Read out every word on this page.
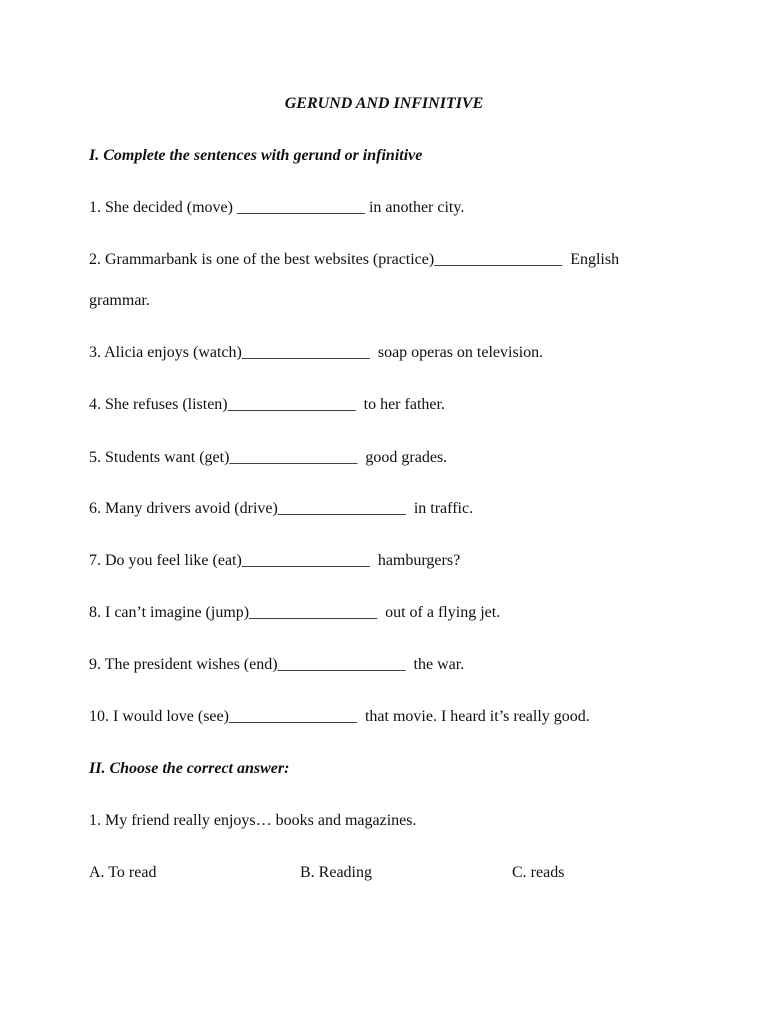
GERUND AND INFINITIVE
I. Complete the sentences with gerund or infinitive
1. She decided (move) ________________ in another city.
2. Grammarbank is one of the best websites (practice)________________  English
grammar.
3. Alicia enjoys (watch)________________  soap operas on television.
4. She refuses (listen)________________  to her father.
5. Students want (get)________________  good grades.
6. Many drivers avoid (drive)________________  in traffic.
7. Do you feel like (eat)________________  hamburgers?
8. I can’t imagine (jump)________________  out of a flying jet.
9. The president wishes (end)________________  the war.
10. I would love (see)________________  that movie. I heard it’s really good.
II. Choose the correct answer:
1. My friend really enjoys… books and magazines.
A. To read	B. Reading	C. reads
